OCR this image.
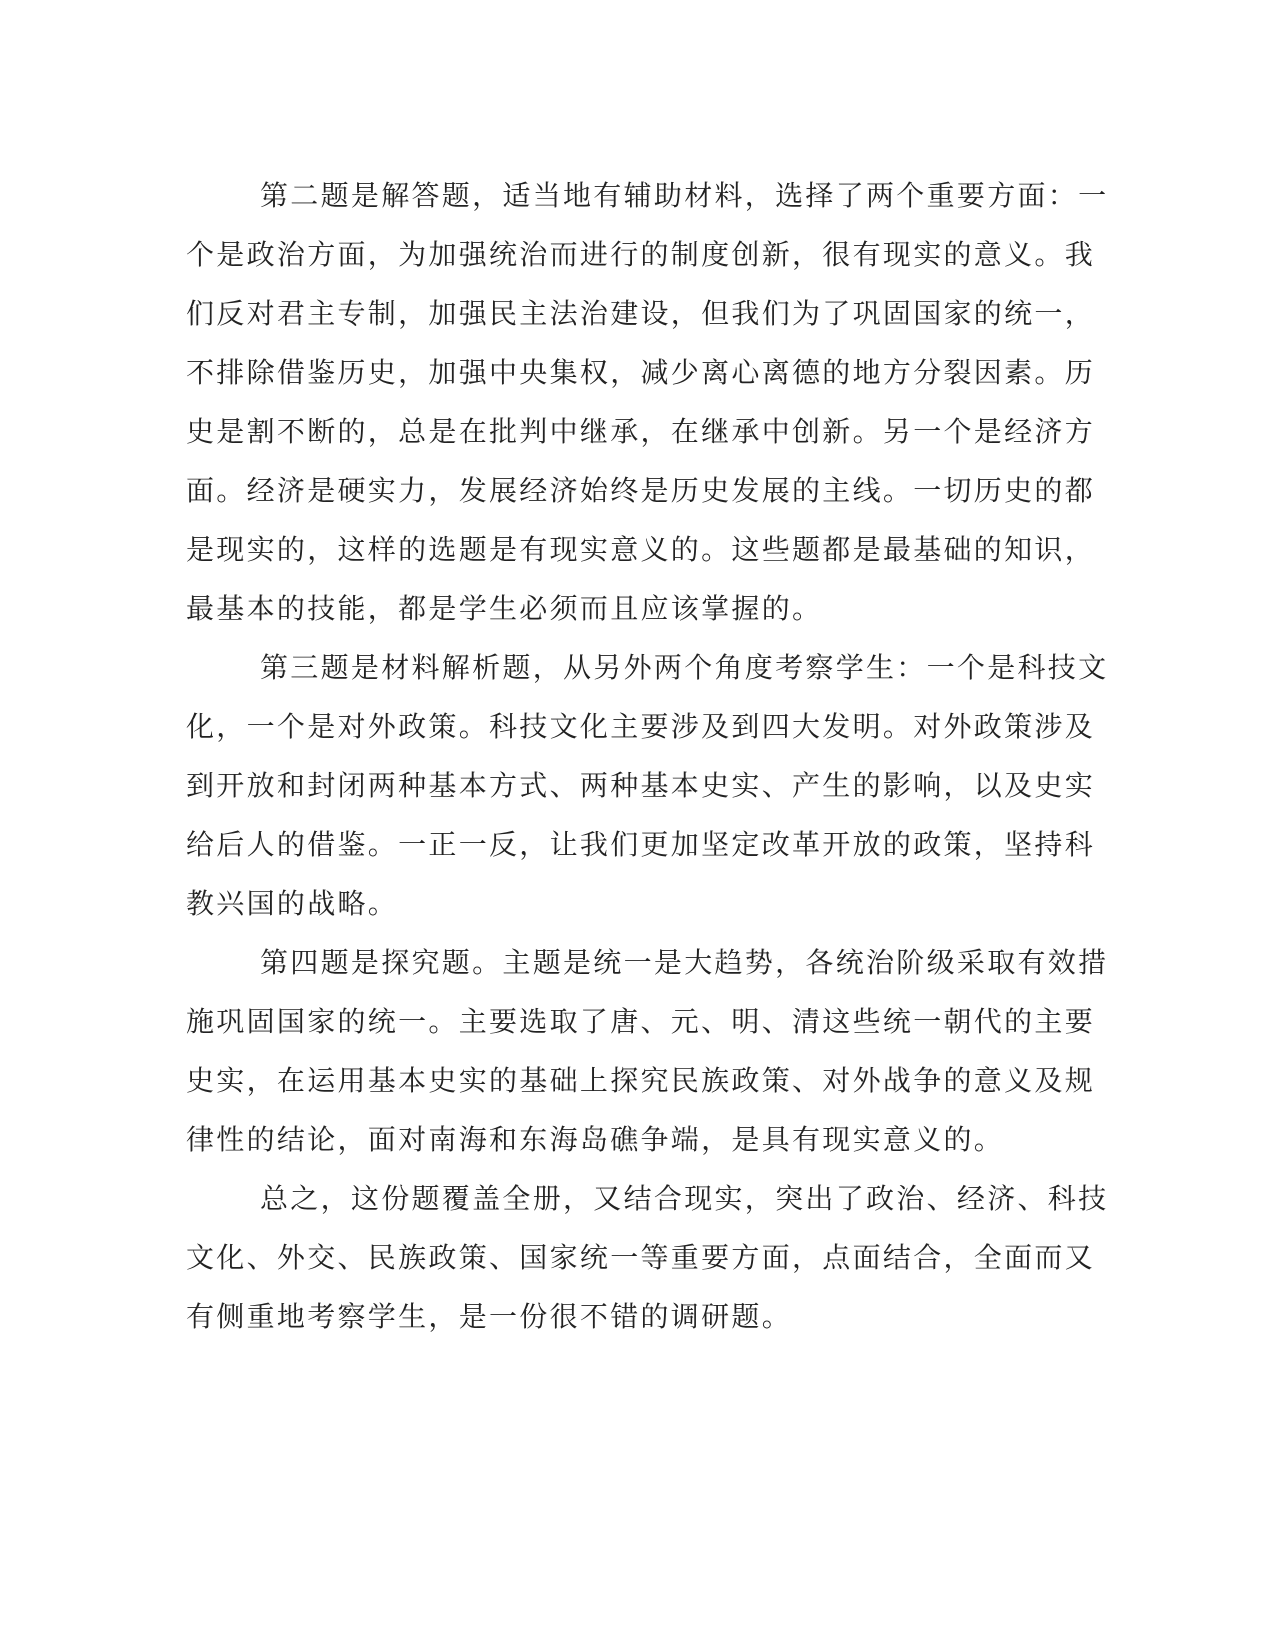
第二题是解答题，适当地有辅助材料，选择了两个重要方面：一
个是政治方面，为加强统治而进行的制度创新，很有现实的意义。我
们反对君主专制，加强民主法治建设，但我们为了巩固国家的统一，
不排除借鉴历史，加强中央集权，减少离心离德的地方分裂因素。历
史是割不断的，总是在批判中继承，在继承中创新。另一个是经济方
面。经济是硬实力，发展经济始终是历史发展的主线。一切历史的都
是现实的，这样的选题是有现实意义的。这些题都是最基础的知识，
最基本的技能，都是学生必须而且应该掌握的。
第三题是材料解析题，从另外两个角度考察学生：一个是科技文
化，一个是对外政策。科技文化主要涉及到四大发明。对外政策涉及
到开放和封闭两种基本方式、两种基本史实、产生的影响，以及史实
给后人的借鉴。一正一反，让我们更加坚定改革开放的政策，坚持科
教兴国的战略。
第四题是探究题。主题是统一是大趋势，各统治阶级采取有效措
施巩固国家的统一。主要选取了唐、元、明、清这些统一朝代的主要
史实，在运用基本史实的基础上探究民族政策、对外战争的意义及规
律性的结论，面对南海和东海岛礁争端，是具有现实意义的。
总之，这份题覆盖全册，又结合现实，突出了政治、经济、科技
文化、外交、民族政策、国家统一等重要方面，点面结合，全面而又
有侧重地考察学生，是一份很不错的调研题。
